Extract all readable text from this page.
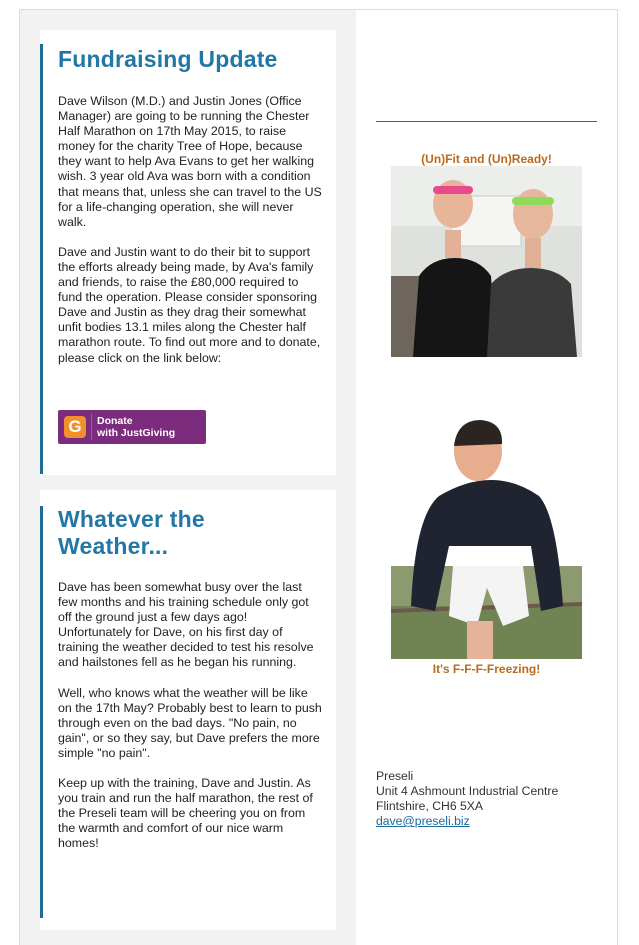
Fundraising Update

Dave Wilson (M.D.) and Justin Jones (Office Manager) are going to be running the Chester Half Marathon on 17th May 2015, to raise money for the charity Tree of Hope, because they want to help Ava Evans to get her walking wish. 3 year old Ava was born with a condition that means that, unless she can travel to the US for a life-changing operation, she will never walk.

Dave and Justin want to do their bit to support the efforts already being made, by Ava's family and friends, to raise the £80,000 required to fund the operation. Please consider sponsoring Dave and Justin as they drag their somewhat unfit bodies 13.1 miles along the Chester half marathon route. To find out more and to donate, please click on the link below:

G	Donate
with JustGiving
Whatever the Weather...

Dave has been somewhat busy over the last few months and his training schedule only got off the ground just a few days ago! Unfortunately for Dave, on his first day of training the weather decided to test his resolve and hailstones fell as he began his running.

Well, who knows what the weather will be like on the 17th May? Probably best to learn to push through even on the bad days. "No pain, no gain", or so they say, but Dave prefers the more simple "no pain".

Keep up with the training, Dave and Justin. As you train and run the half marathon, the rest of the Preseli team will be cheering you on from the warmth and comfort of our nice warm homes!

(Un)Fit and (Un)Ready!
It's F-F-F-Freezing!
Preseli
Unit 4 Ashmount Industrial Centre
Flintshire, CH6 5XA
dave@preseli.biz
